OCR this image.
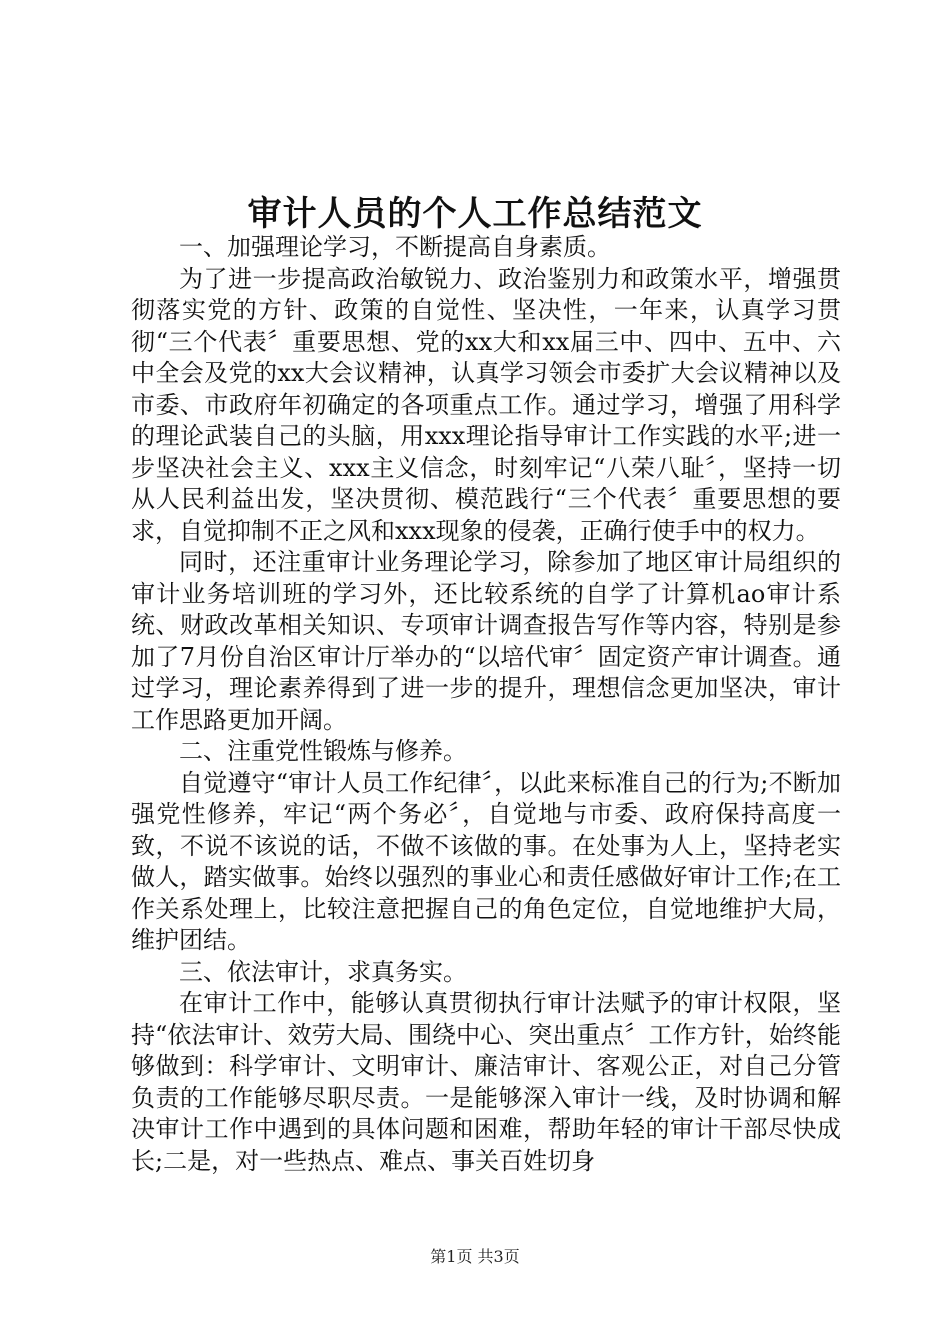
审计人员的个人工作总结范文

一、加强理论学习，不断提高自身素质。

为了进一步提高政治敏锐力、政治鉴别力和政策水平，增强贯彻落实党的方针、政策的自觉性、坚决性，一年来，认真学习贯彻“三个代表〞重要思想、党的xx大和xx届三中、四中、五中、六中全会及党的xx大会议精神，认真学习领会市委扩大会议精神以及市委、市政府年初确定的各项重点工作。通过学习，增强了用科学的理论武装自己的头脑，用xxx理论指导审计工作实践的水平;进一步坚决社会主义、xxx主义信念，时刻牢记“八荣八耻〞，坚持一切从人民利益出发，坚决贯彻、模范践行“三个代表〞重要思想的要求，自觉抑制不正之风和xxx现象的侵袭，正确行使手中的权力。

同时，还注重审计业务理论学习，除参加了地区审计局组织的审计业务培训班的学习外，还比较系统的自学了计算机ao审计系统、财政改革相关知识、专项审计调查报告写作等内容，特别是参加了7月份自治区审计厅举办的“以培代审〞固定资产审计调查。通过学习，理论素养得到了进一步的提升，理想信念更加坚决，审计工作思路更加开阔。

二、注重党性锻炼与修养。

自觉遵守“审计人员工作纪律〞，以此来标准自己的行为;不断加强党性修养，牢记“两个务必〞，自觉地与市委、政府保持高度一致，不说不该说的话，不做不该做的事。在处事为人上，坚持老实做人，踏实做事。始终以强烈的事业心和责任感做好审计工作;在工作关系处理上，比较注意把握自己的角色定位，自觉地维护大局，维护团结。

三、依法审计，求真务实。

在审计工作中，能够认真贯彻执行审计法赋予的审计权限，坚持“依法审计、效劳大局、围绕中心、突出重点〞工作方针，始终能够做到：科学审计、文明审计、廉洁审计、客观公正，对自己分管负责的工作能够尽职尽责。一是能够深入审计一线，及时协调和解决审计工作中遇到的具体问题和困难，帮助年轻的审计干部尽快成长;二是，对一些热点、难点、事关百姓切身

第1页 共3页
